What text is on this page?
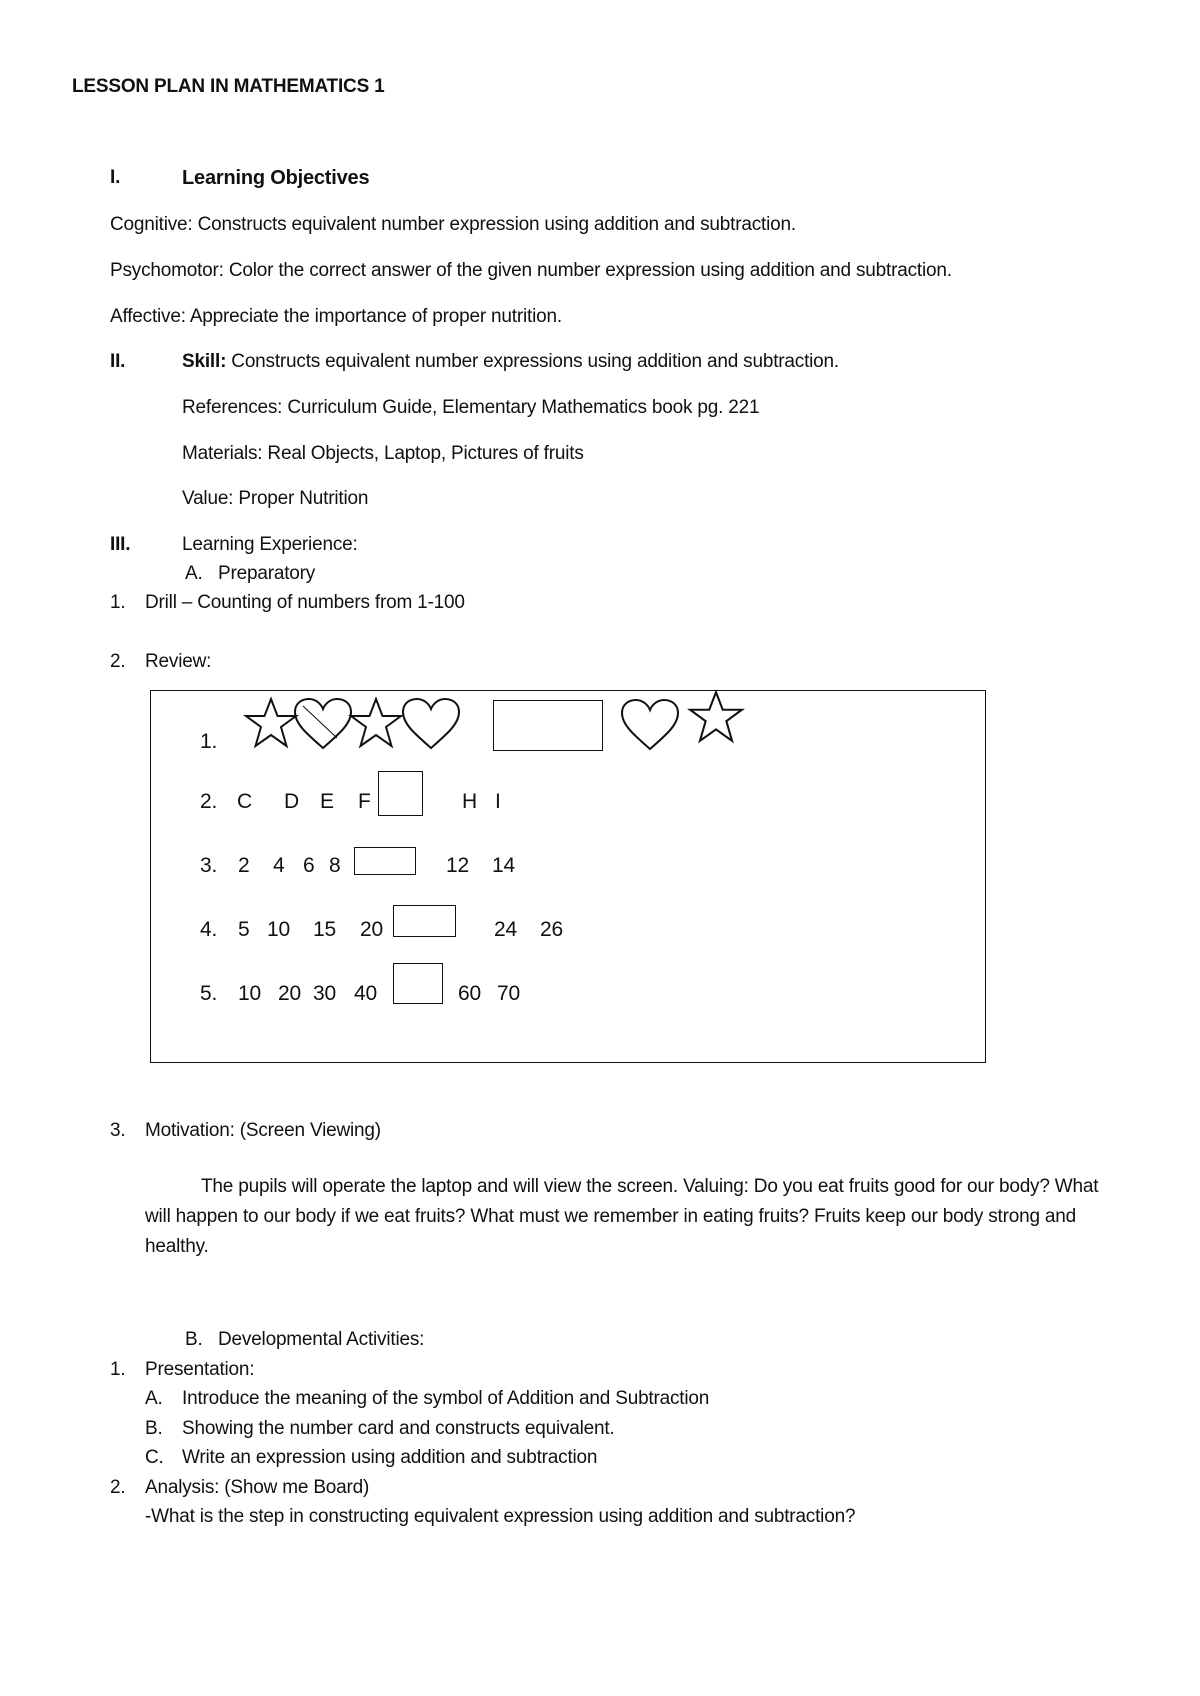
LESSON PLAN IN MATHEMATICS 1
I.	Learning Objectives
Cognitive: Constructs equivalent number expression using addition and subtraction.
Psychomotor: Color the correct answer of the given number expression using addition and subtraction.
Affective: Appreciate the importance of proper nutrition.
II.	Skill: Constructs equivalent number expressions using addition and subtraction.
References: Curriculum Guide, Elementary Mathematics book pg. 221
Materials: Real Objects, Laptop, Pictures of fruits
Value: Proper Nutrition
III.	Learning Experience:
A. Preparatory
1. Drill – Counting of numbers from 1-100
2. Review:
1.
2. C D E F	H I
3. 2 4 6 8	12 14
4. 5 10 15 20	24 26
5. 10 20 30 40	60 70
3. Motivation: (Screen Viewing)
The pupils will operate the laptop and will view the screen. Valuing: Do you eat fruits good for our body? What will happen to our body if we eat fruits? What must we remember in eating fruits? Fruits keep our body strong and healthy.
B. Developmental Activities:
1. Presentation:
A. Introduce the meaning of the symbol of Addition and Subtraction
B. Showing the number card and constructs equivalent.
C. Write an expression using addition and subtraction
2. Analysis: (Show me Board)
-What is the step in constructing equivalent expression using addition and subtraction?
